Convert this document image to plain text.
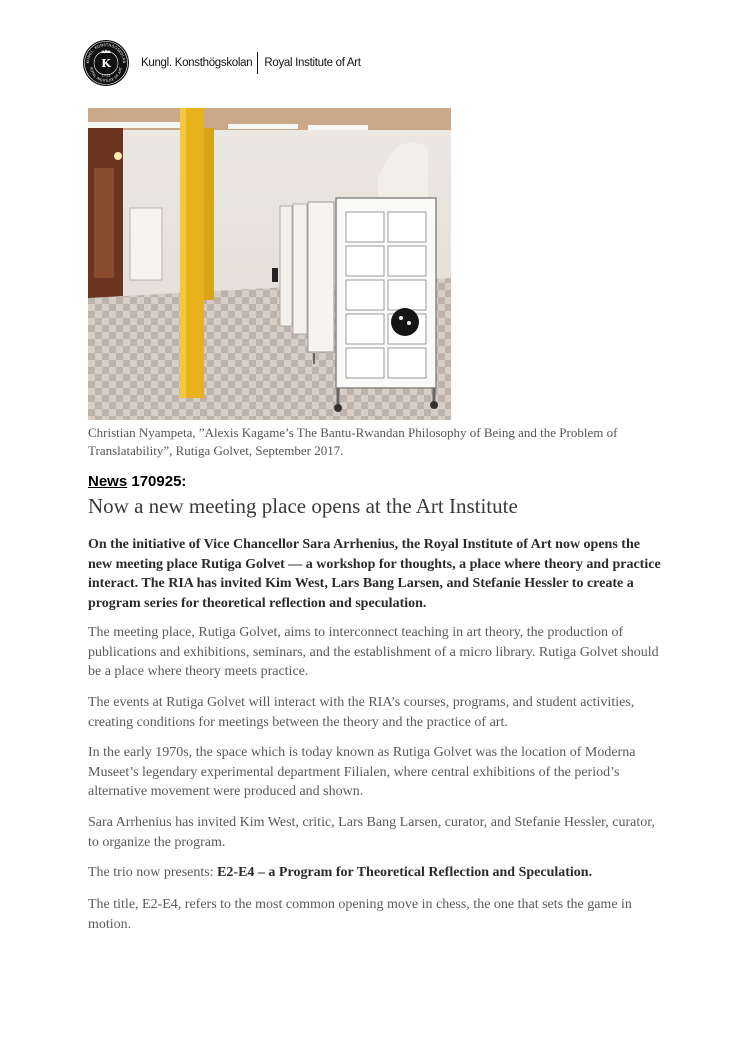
KUNGL. KONSTHÖGSKOLAN
ROYAL INSTITUTE OF ART
K
1735
Kungl. Konsthögskolan Royal Institute of Art
Christian Nyampeta, ”Alexis Kagame’s The Bantu-Rwandan Philosophy of Being and the Problem of Translatability”, Rutiga Golvet, September 2017.
News 170925:
Now a new meeting place opens at the Art Institute

On the initiative of Vice Chancellor Sara Arrhenius, the Royal Institute of Art now opens the new meeting place Rutiga Golvet — a workshop for thoughts, a place where theory and practice interact. The RIA has invited Kim West, Lars Bang Larsen, and Stefanie Hessler to create a program series for theoretical reflection and speculation.

The meeting place, Rutiga Golvet, aims to interconnect teaching in art theory, the production of publications and exhibitions, seminars, and the establishment of a micro library. Rutiga Golvet should be a place where theory meets practice.

The events at Rutiga Golvet will interact with the RIA’s courses, programs, and student activities, creating conditions for meetings between the theory and the practice of art.

In the early 1970s, the space which is today known as Rutiga Golvet was the location of Moderna Museet’s legendary experimental department Filialen, where central exhibitions of the period’s alternative movement were produced and shown.

Sara Arrhenius has invited Kim West, critic, Lars Bang Larsen, curator, and Stefanie Hessler, curator, to organize the program.

The trio now presents: E2-E4 – a Program for Theoretical Reflection and Speculation.

The title, E2-E4, refers to the most common opening move in chess, the one that sets the game in motion.
